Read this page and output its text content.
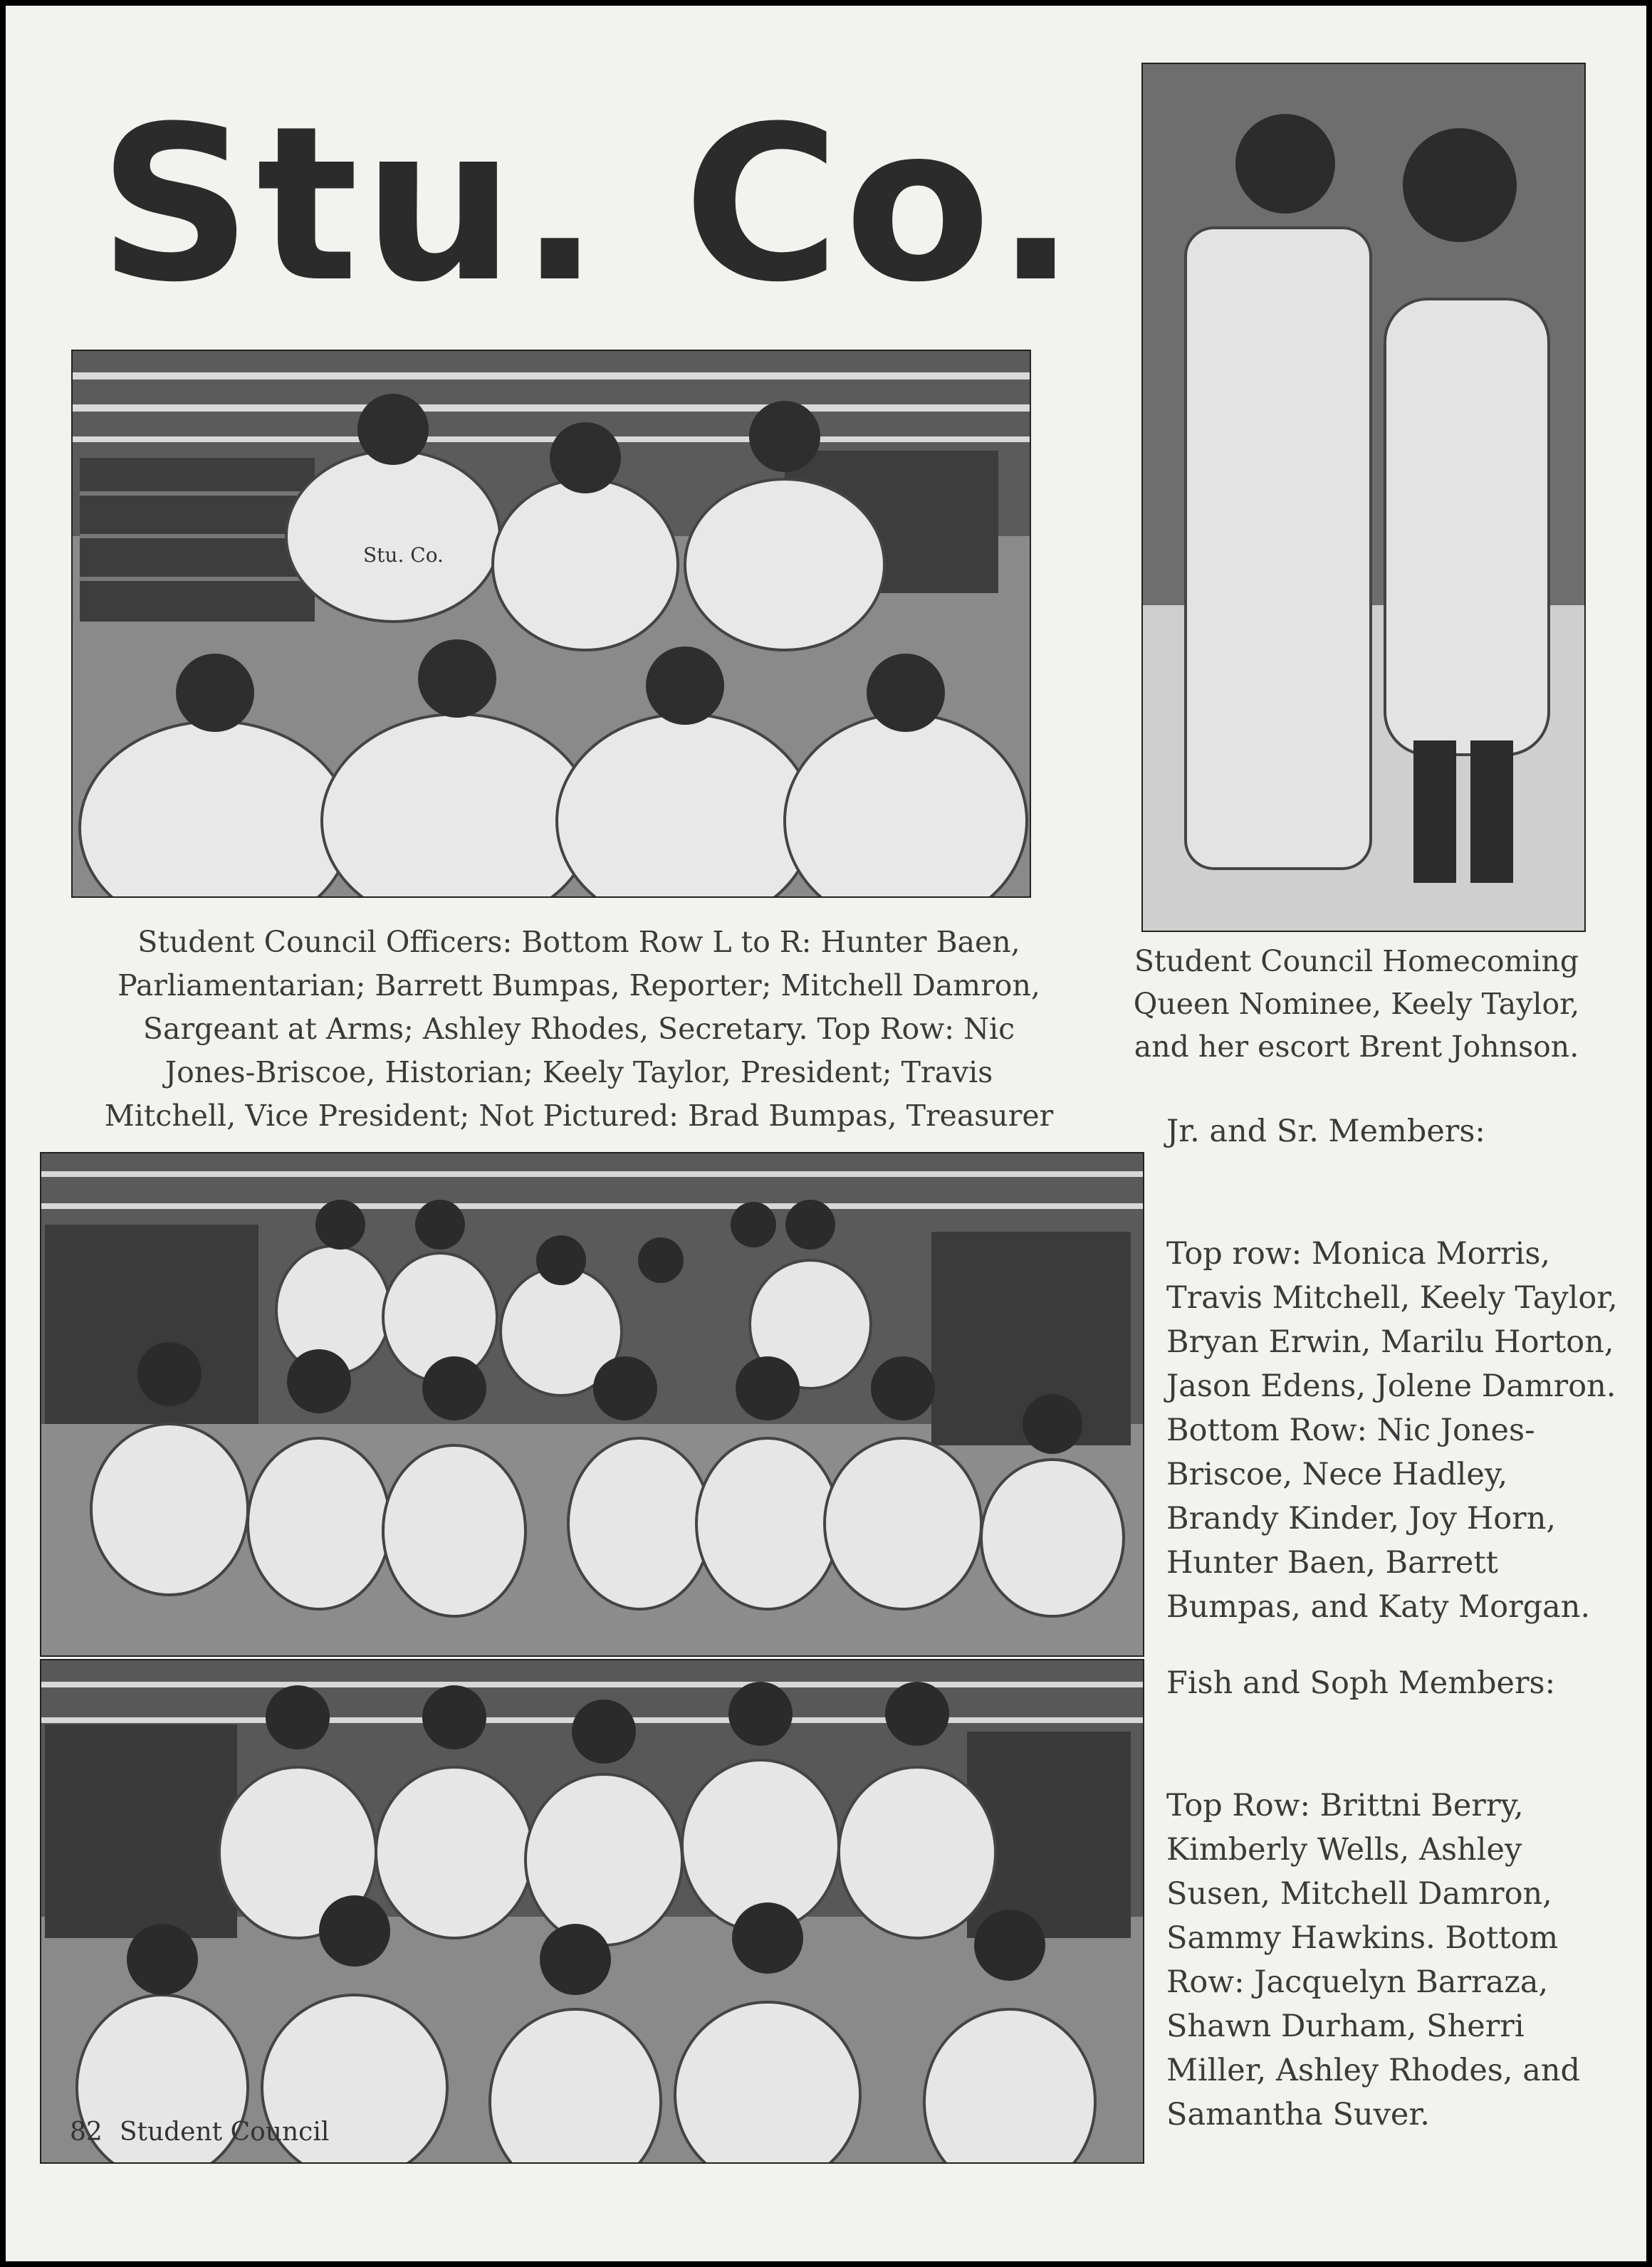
Stu. Co.
Stu. Co.

Student Council Officers: Bottom Row L to R: Hunter Baen, Parliamentarian; Barrett Bumpas, Reporter; Mitchell Damron, Sargeant at Arms; Ashley Rhodes, Secretary. Top Row: Nic Jones-Briscoe, Historian; Keely Taylor, President; Travis Mitchell, Vice President; Not Pictured: Brad Bumpas, Treasurer

Student Council Homecoming Queen Nominee, Keely Taylor, and her escort Brent Johnson.

Jr. and Sr. Members:

Top row: Monica Morris, Travis Mitchell, Keely Taylor, Bryan Erwin, Marilu Horton, Jason Edens, Jolene Damron. Bottom Row: Nic Jones-Briscoe, Nece Hadley, Brandy Kinder, Joy Horn, Hunter Baen, Barrett Bumpas, and Katy Morgan.

Fish and Soph Members:

Top Row: Brittni Berry, Kimberly Wells, Ashley Susen, Mitchell Damron, Sammy Hawkins. Bottom Row: Jacquelyn Barraza, Shawn Durham, Sherri Miller, Ashley Rhodes, and Samantha Suver.

82 Student Council
